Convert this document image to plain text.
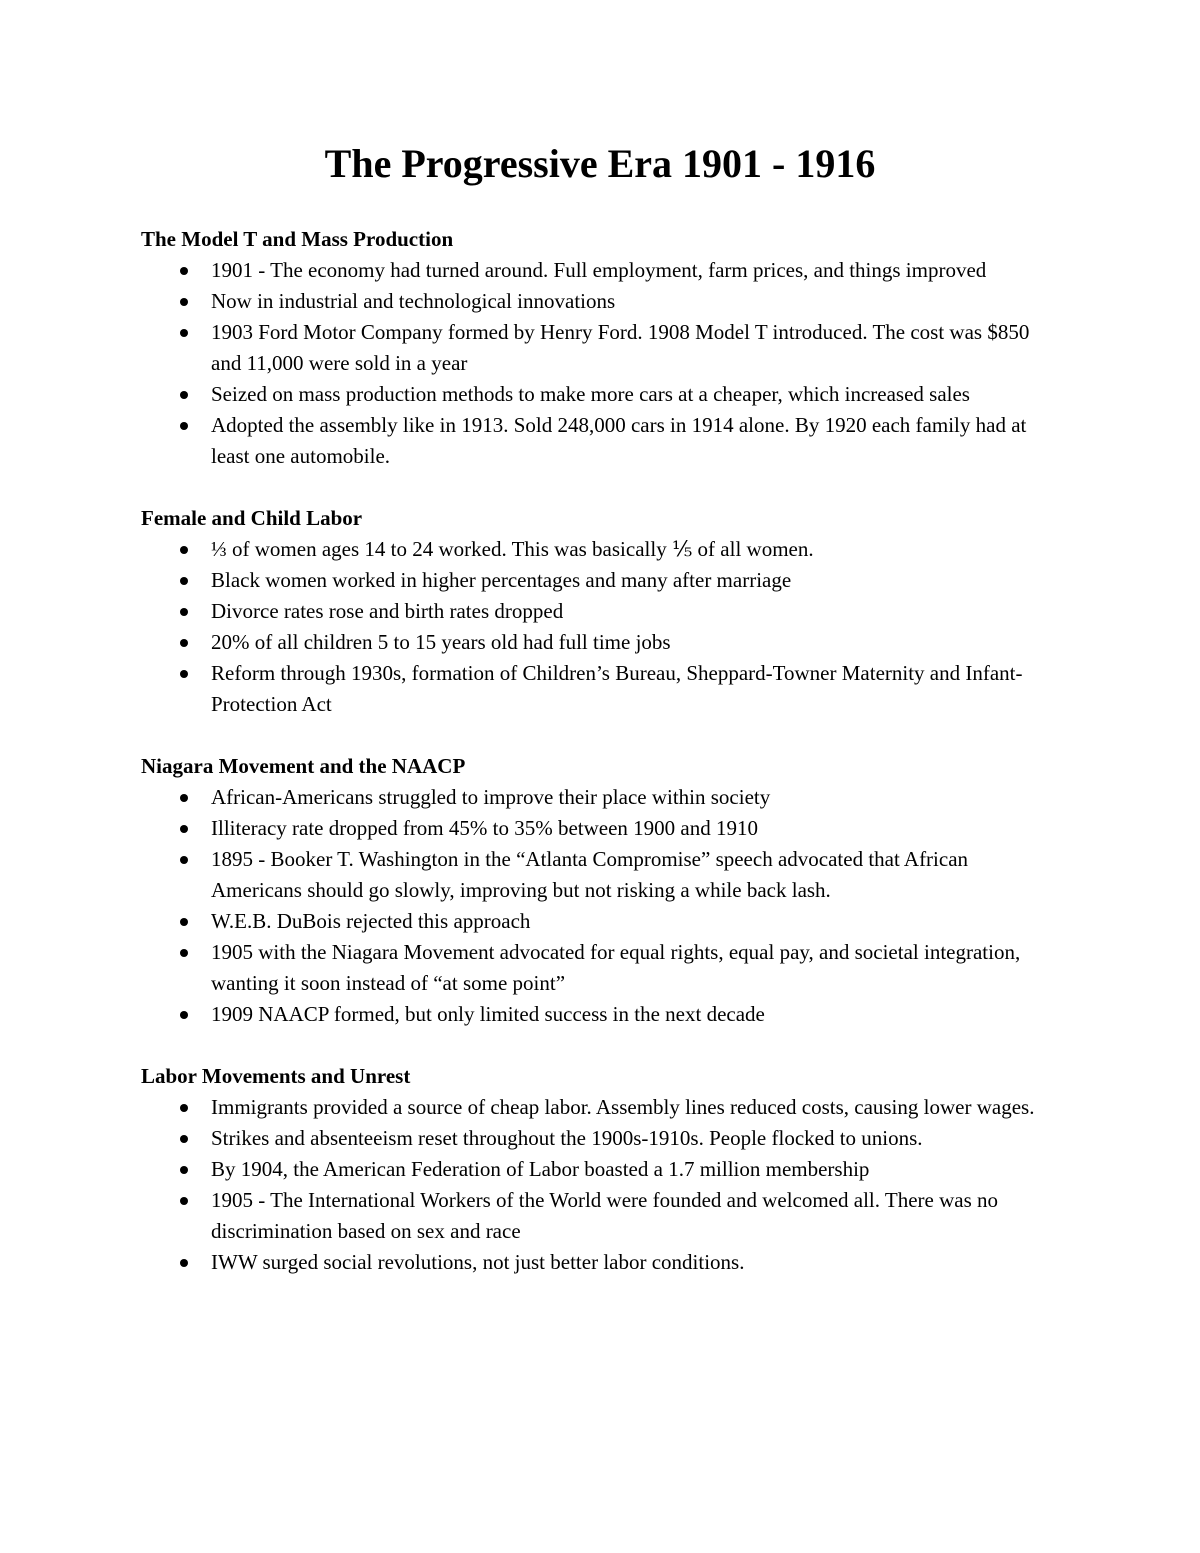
The Progressive Era 1901 - 1916
The Model T and Mass Production
1901 - The economy had turned around. Full employment, farm prices, and things improved
Now in industrial and technological innovations
1903 Ford Motor Company formed by Henry Ford. 1908 Model T introduced. The cost was $850 and 11,000 were sold in a year
Seized on mass production methods to make more cars at a cheaper, which increased sales
Adopted the assembly like in 1913. Sold 248,000 cars in 1914 alone. By 1920 each family had at least one automobile.
Female and Child Labor
⅓ of women ages 14 to 24 worked. This was basically ⅕ of all women.
Black women worked in higher percentages and many after marriage
Divorce rates rose and birth rates dropped
20% of all children 5 to 15 years old had full time jobs
Reform through 1930s, formation of Children’s Bureau, Sheppard-Towner Maternity and Infant-Protection Act
Niagara Movement and the NAACP
African-Americans struggled to improve their place within society
Illiteracy rate dropped from 45% to 35% between 1900 and 1910
1895 - Booker T. Washington in the “Atlanta Compromise” speech advocated that African Americans should go slowly, improving but not risking a while back lash.
W.E.B. DuBois rejected this approach
1905 with the Niagara Movement advocated for equal rights, equal pay, and societal integration, wanting it soon instead of “at some point”
1909 NAACP formed, but only limited success in the next decade
Labor Movements and Unrest
Immigrants provided a source of cheap labor. Assembly lines reduced costs, causing lower wages.
Strikes and absenteeism reset throughout the 1900s-1910s. People flocked to unions.
By 1904, the American Federation of Labor boasted a 1.7 million membership
1905 - The International Workers of the World were founded and welcomed all. There was no discrimination based on sex and race
IWW surged social revolutions, not just better labor conditions.
